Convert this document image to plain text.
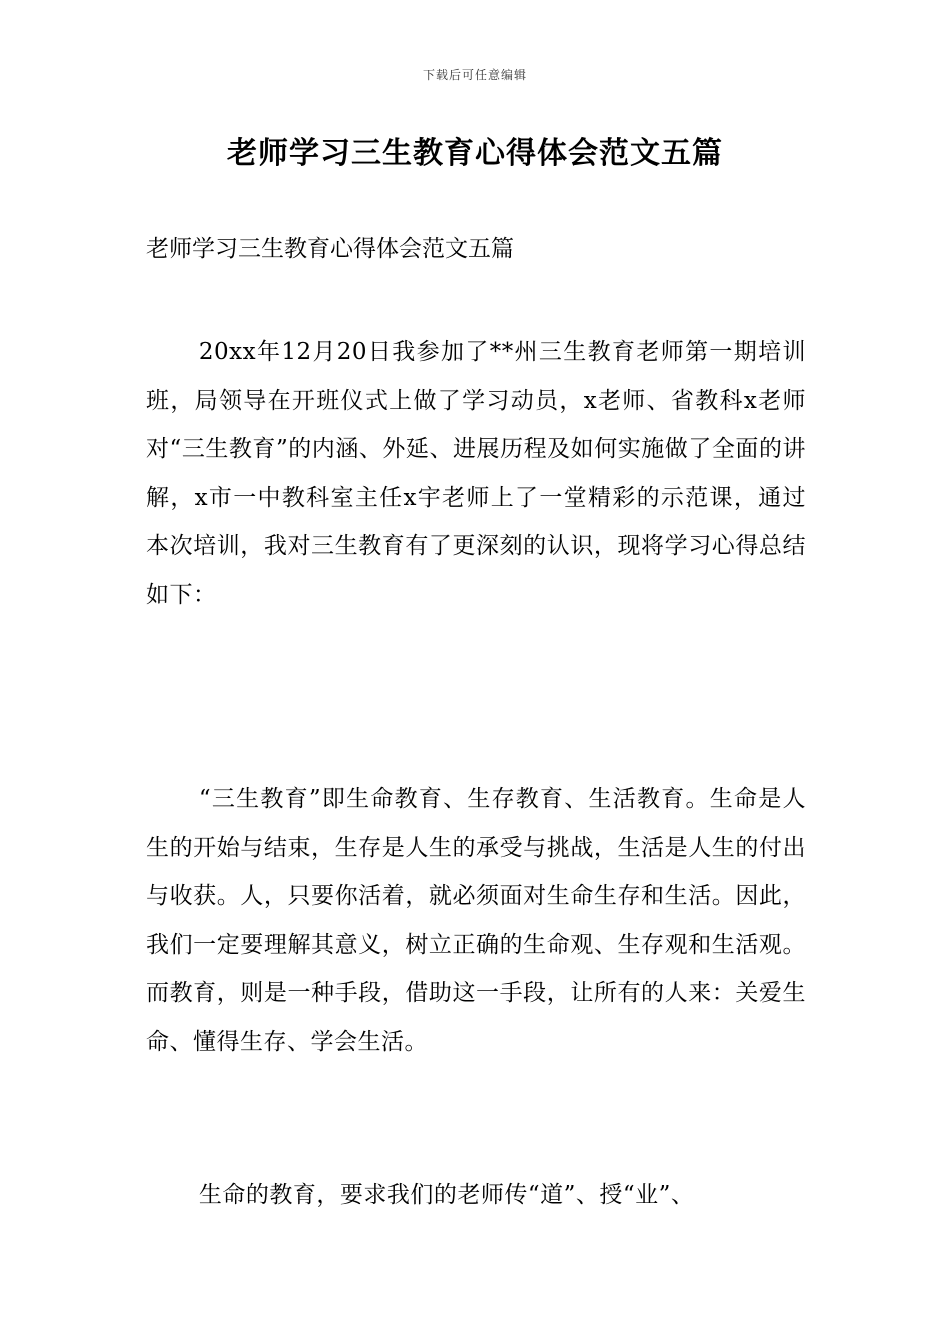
下载后可任意编辑
老师学习三生教育心得体会范文五篇

老师学习三生教育心得体会范文五篇

20xx年12月20日我参加了**州三生教育老师第一期培训班，局领导在开班仪式上做了学习动员，x老师、省教科x老师对“三生教育”的内涵、外延、进展历程及如何实施做了全面的讲解，x市一中教科室主任x宇老师上了一堂精彩的示范课，通过本次培训，我对三生教育有了更深刻的认识，现将学习心得总结如下：

“三生教育”即生命教育、生存教育、生活教育。生命是人生的开始与结束，生存是人生的承受与挑战，生活是人生的付出与收获。人，只要你活着，就必须面对生命生存和生活。因此，我们一定要理解其意义，树立正确的生命观、生存观和生活观。而教育，则是一种手段，借助这一手段，让所有的人来：关爱生命、懂得生存、学会生活。

生命的教育，要求我们的老师传“道”、授“业”、
